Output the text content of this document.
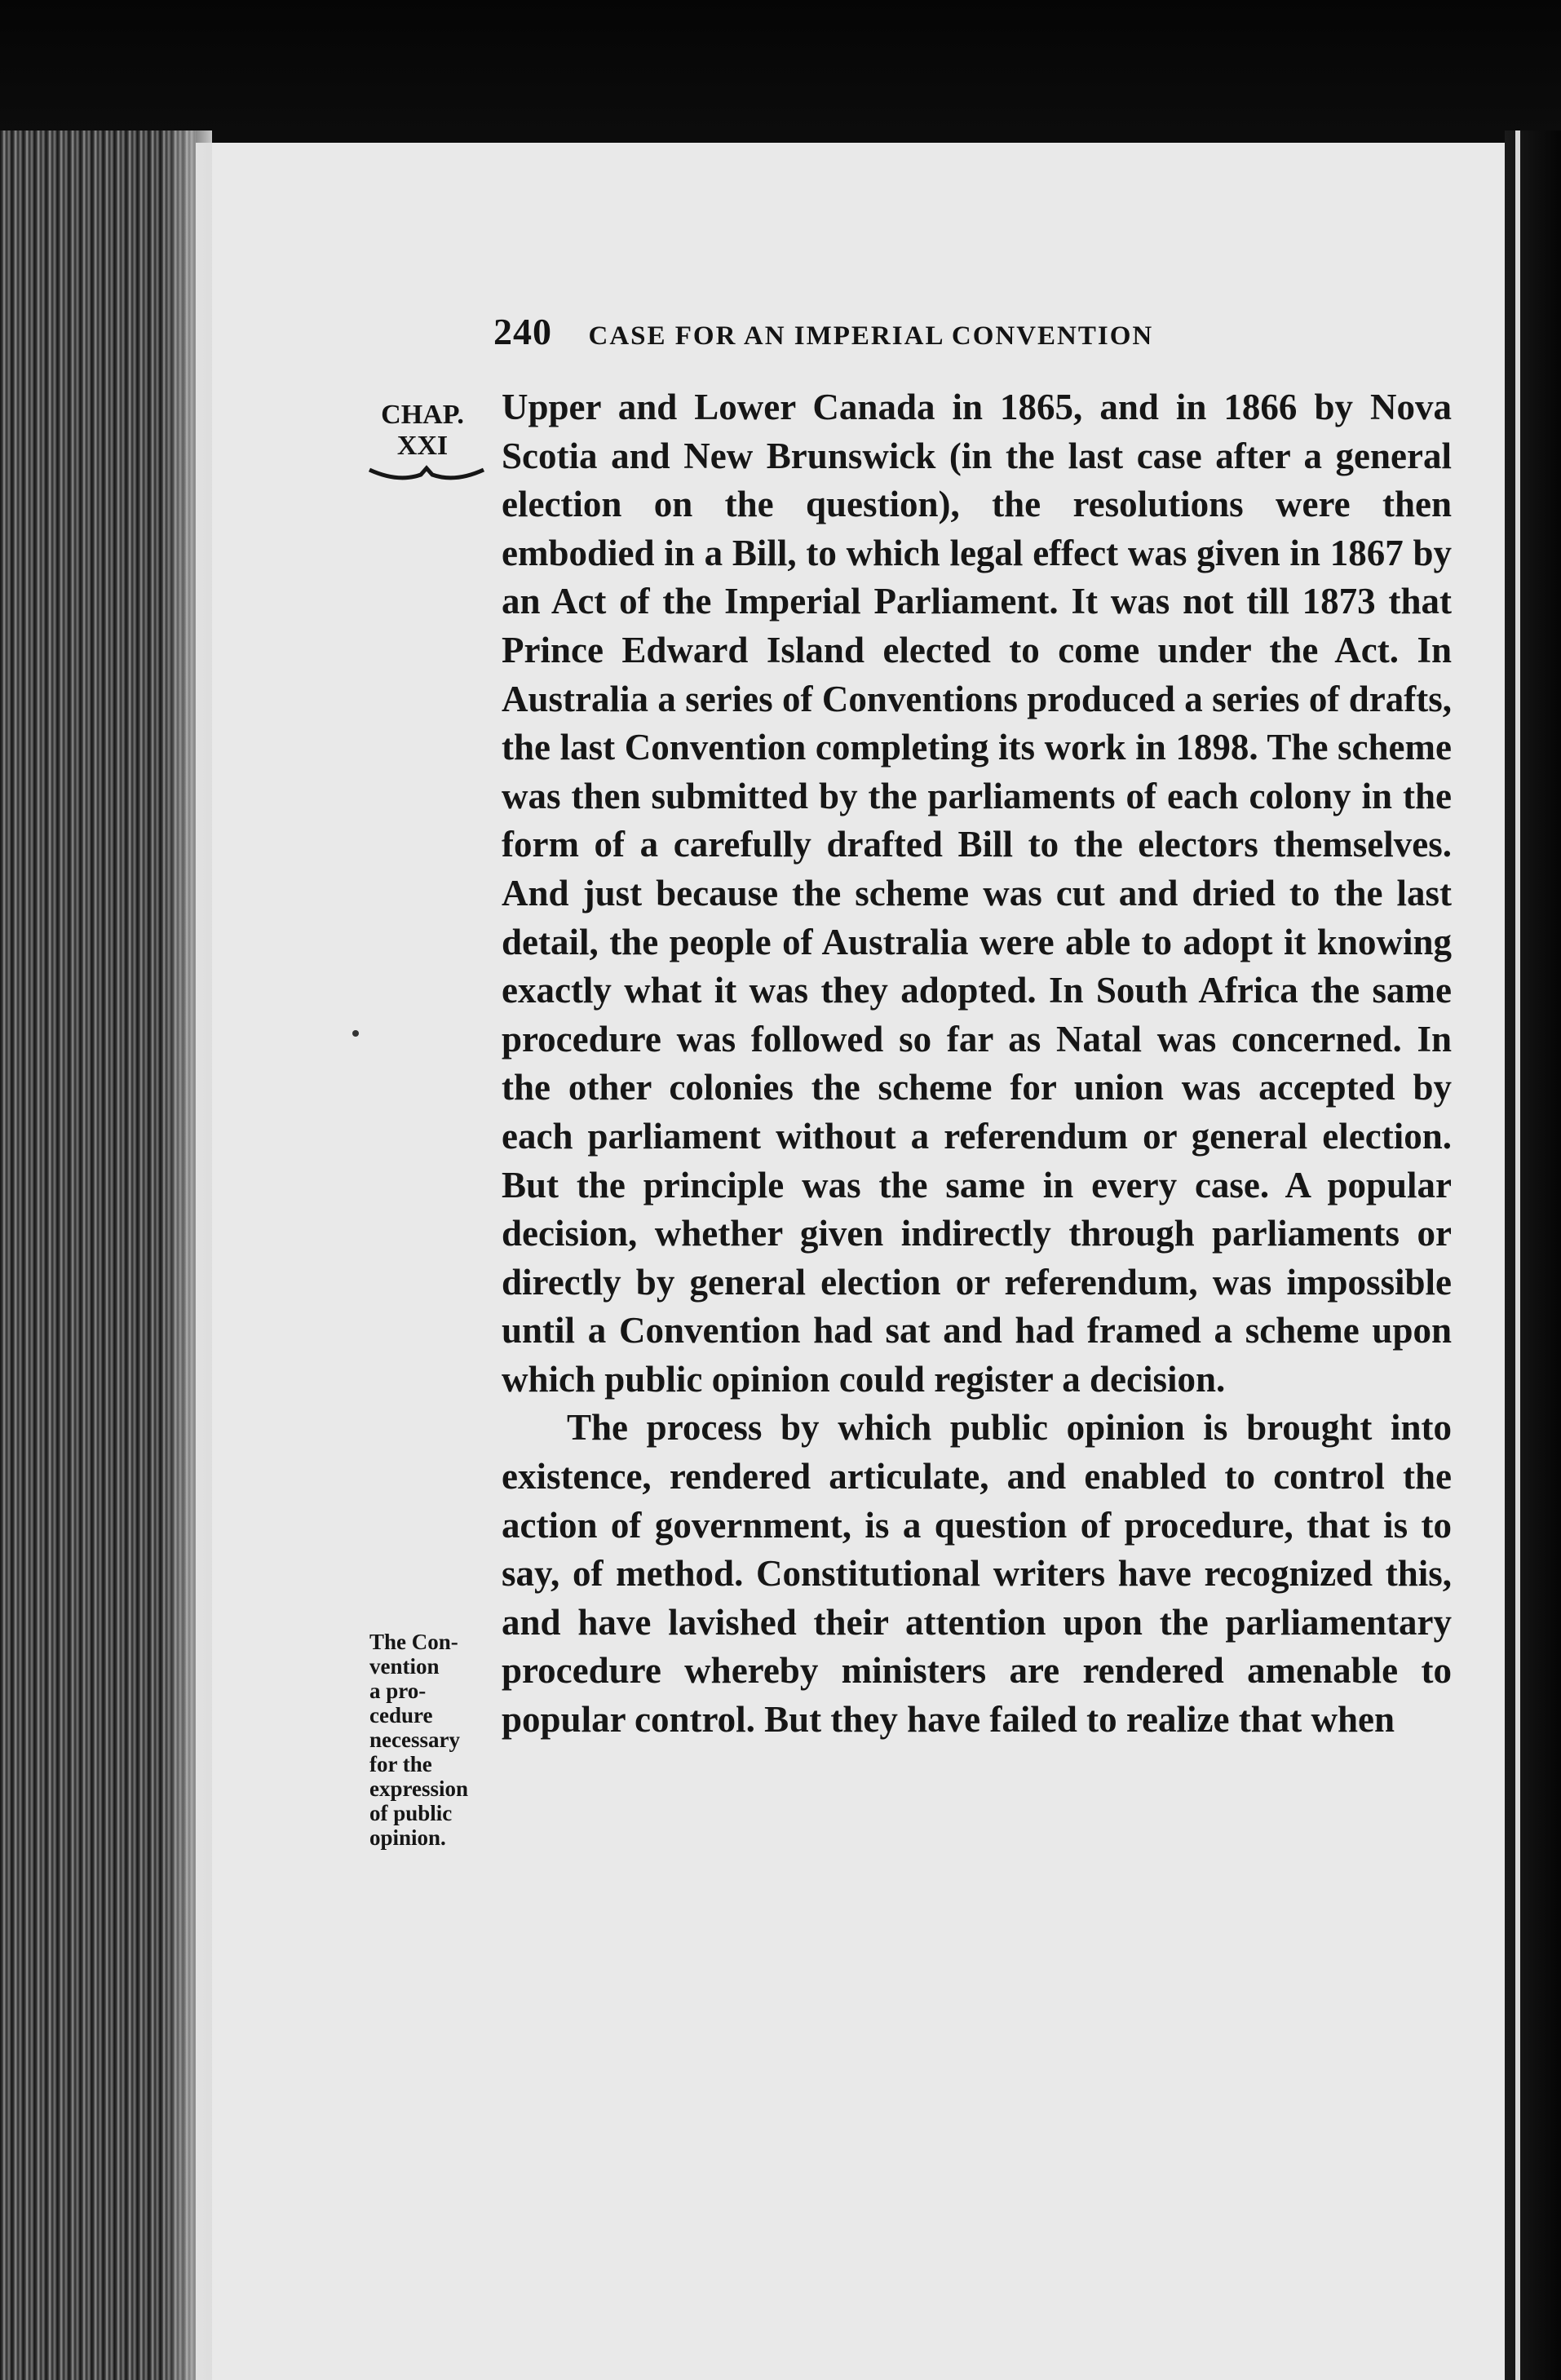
240 CASE FOR AN IMPERIAL CONVENTION
CHAP.
XXI

Upper and Lower Canada in 1865, and in 1866 by Nova Scotia and New Brunswick (in the last case after a general election on the question), the resolutions were then embodied in a Bill, to which legal effect was given in 1867 by an Act of the Imperial Parliament. It was not till 1873 that Prince Edward Island elected to come under the Act. In Australia a series of Conventions produced a series of drafts, the last Convention completing its work in 1898. The scheme was then submitted by the parliaments of each colony in the form of a carefully drafted Bill to the electors themselves. And just because the scheme was cut and dried to the last detail, the people of Australia were able to adopt it knowing exactly what it was they adopted. In South Africa the same procedure was followed so far as Natal was concerned. In the other colonies the scheme for union was accepted by each parliament without a referendum or general election. But the principle was the same in every case. A popular decision, whether given indirectly through parliaments or directly by general election or referendum, was impossible until a Convention had sat and had framed a scheme upon which public opinion could register a decision.

The process by which public opinion is brought into existence, rendered articulate, and enabled to control the action of government, is a question of procedure, that is to say, of method. Constitutional writers have recognized this, and have lavished their attention upon the parliamentary procedure whereby ministers are rendered amenable to popular control. But they have failed to realize that when

The Con-
vention
a pro-
cedure
necessary
for the
expression
of public
opinion.
